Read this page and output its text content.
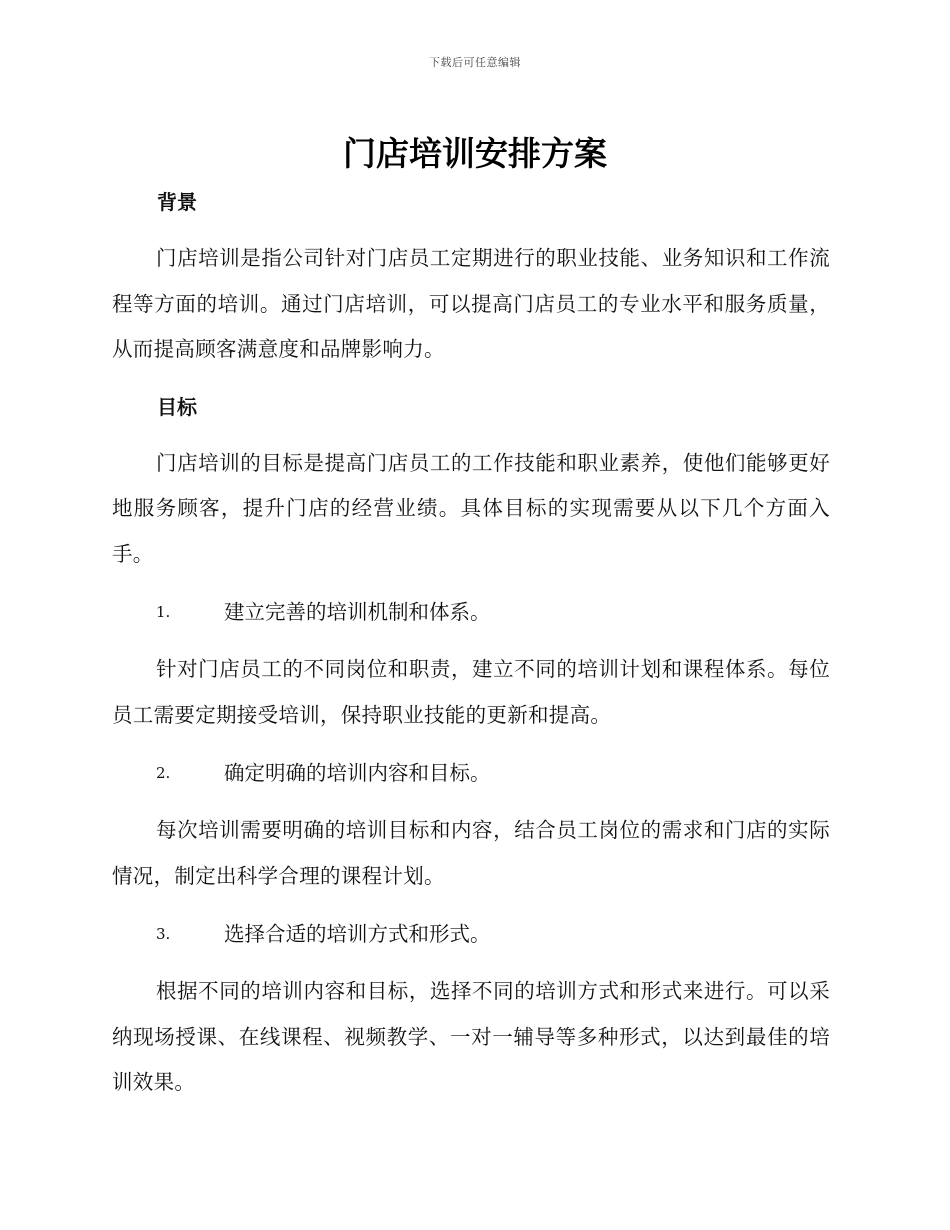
下载后可任意编辑
门店培训安排方案
背景

门店培训是指公司针对门店员工定期进行的职业技能、业务知识和工作流程等方面的培训。通过门店培训，可以提高门店员工的专业水平和服务质量，从而提高顾客满意度和品牌影响力。

目标

门店培训的目标是提高门店员工的工作技能和职业素养，使他们能够更好地服务顾客，提升门店的经营业绩。具体目标的实现需要从以下几个方面入手。

1.	建立完善的培训机制和体系。

针对门店员工的不同岗位和职责，建立不同的培训计划和课程体系。每位员工需要定期接受培训，保持职业技能的更新和提高。

2.	确定明确的培训内容和目标。

每次培训需要明确的培训目标和内容，结合员工岗位的需求和门店的实际情况，制定出科学合理的课程计划。

3.	选择合适的培训方式和形式。

根据不同的培训内容和目标，选择不同的培训方式和形式来进行。可以采纳现场授课、在线课程、视频教学、一对一辅导等多种形式，以达到最佳的培训效果。
